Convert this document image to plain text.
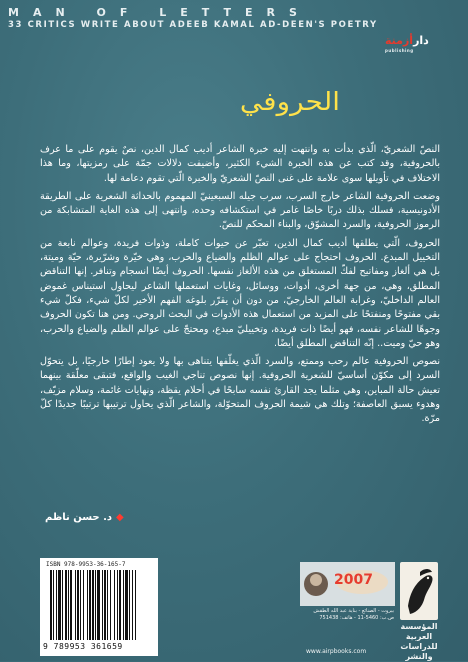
MAN OF LETTERS
33 CRITICS WRITE ABOUT ADEEB KAMAL AD-DEEN'S POETRY
دارأزمنة
publishing
الحروفي

النصّ الشعريّ، الّذي بدأت به وانتهت إليه خبرة الشاعر أديب كمال الدين، نصٌ يقوم على ما عرف بالحروفية، وقد كتب عن هذه الخبرة الشيء الكثير، وأضيفت دلالات جمّة على رمزيتها، وما هذا الاختلاف في تأويلها سوى علامة على غنى النصّ الشعريّ والخبرة الّتي تقوم دعامة لها.

وضعت الحروفية الشاعر خارج السرب، سرب جيله السبعينيّ المهموم بالحداثة الشعرية على الطريقة الأدونيسية، فسلك بذلك دربًا خاصًا غامر في استكشافه وحده، وانتهى إلى هذه الغاية المتشابكة من الرموز الحروفية، والسرد المشوّق، والبناء المحكم للنصّ.

الحروف، الّتي يطلقها أديب كمال الدين، تعبّر عن حيوات كاملة، وذوات فريدة، وعوالم نابعة من التخييل المبدع. الحروف احتجاج على عوالم الظلم والضياع والحرب، وهي خيّرة وشرّيرة، حيّة وميتة، بل هي ألغاز ومفاتيح لفكّ المستغلق من هذه الألغاز نفسها. الحروف أيضًا انسجام وتنافر. إنها التناقض المطلق، وهي، من جهة أخرى، أدوات، ووسائل، وغايات استعملها الشاعر ليحاول استيناس غموض العالم الداخليّ، وغرابة العالم الخارجيّ، من دون أن يقرّر بلوغه الفهم الأخير لكلّ شيء، فكلّ شيء بقي مفتوحًا ومنفتحًا على المزيد من استعمال هذه الأدوات في البحث الروحي. ومن هنا تكون الحروف وجوهًا للشاعر نفسه، فهو أيضًا ذات فريدة، وتخييليّ مبدع، ومحتجّ على عوالم الظلم والضياع والحرب، وهو حيّ وميت.. إنّه التناقض المطلق أيضًا.

نصوص الحروفية عالم رحب وممتع، والسرد الّذي يغلّفها يتناهى بها ولا يعود إطارًا خارجيًا، بل يتحوّل السرد إلى مكوّن أساسيّ للشعرية الحروفية. إنها نصوص تناجي الغيب والواقع، فتبقى معلّقة بينهما تعيش حالة المباين، وهي مثلما يجد القارئ نفسه سابحًا في أحلام يقظة، ونهايات غائمة، وسلام مزيّف، وهدوء يسبق العاصفة؛ وتلك هي شيمة الحروف المتحوّلة، والشاعر الّذي يحاول ترتيبها ترتيبًا جديدًا كلّ مرّة.

◆د. حسن ناظم
ISBN 978-9953-36-165-7
9 789953 361659
2007
بيروت - الصنائع - بناية عبد الله الطقش ص.ب: 5460-11 - هاتف: 751438
www.airpbooks.com
المؤسسة العربية للدراسات والنشر
